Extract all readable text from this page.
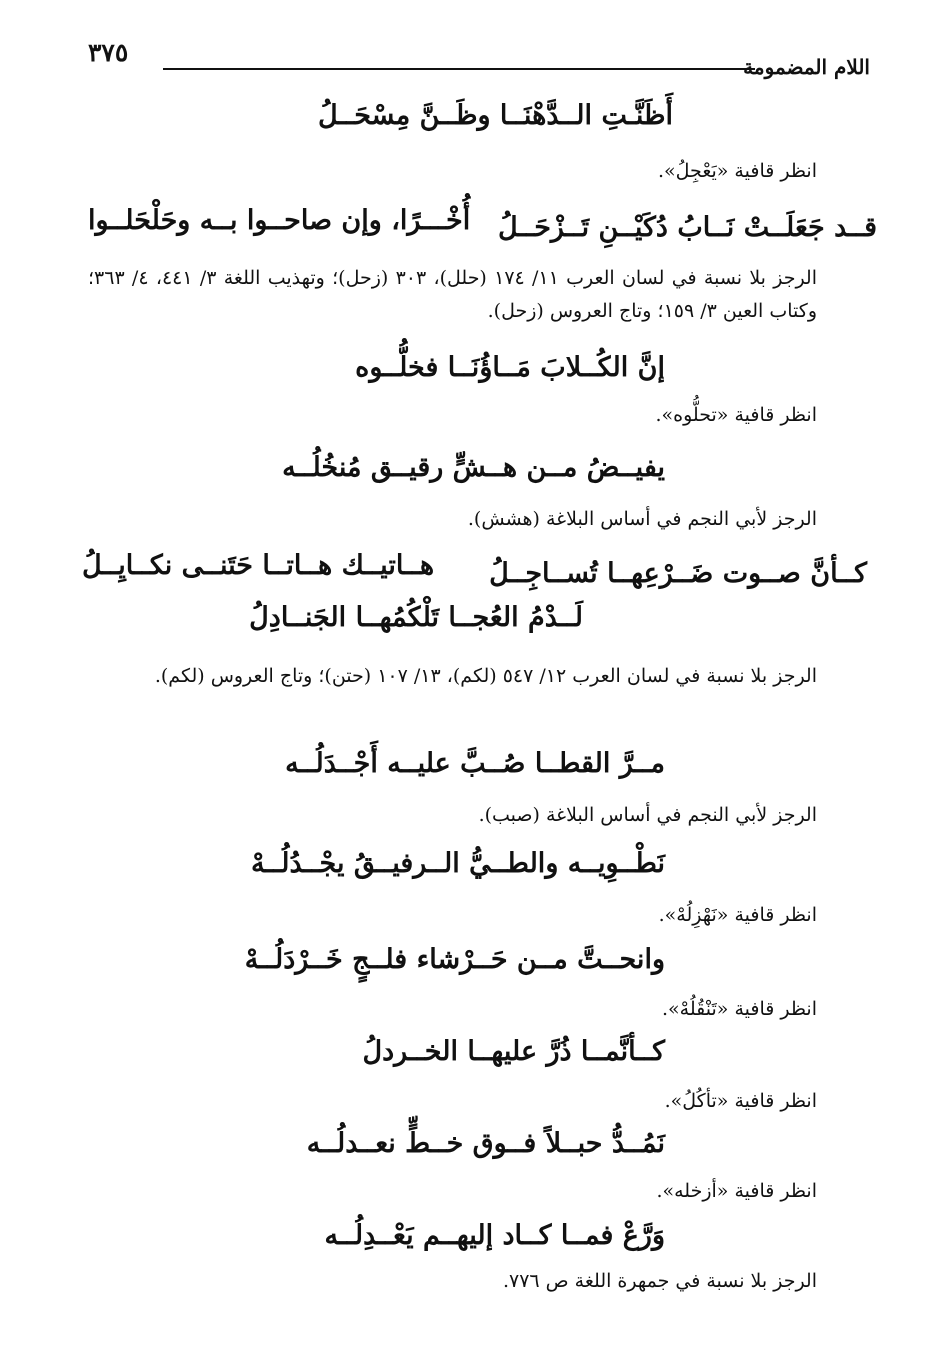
٣٧٥	اللام المضمومة
أَظَنَّـتِ الــدَّهْنَــا وظَــنَّ مِسْحَــلُ
انظر قافية «يَعْجِلُ».
قــد جَعَلَــتْ نَــابُ دُكَيْــنِ تَــزْحَــلُ
أُخْـــرًا، وإن صاحــوا بــه وحَلْحَلــوا
الرجز بلا نسبة في لسان العرب ١١/ ١٧٤ (حلل)، ٣٠٣ (زحل)؛ وتهذيب اللغة ٣/ ٤٤١، ٤/ ٣٦٣؛ وكتاب العين ٣/ ١٥٩؛ وتاج العروس (زحل).
إنَّ الكُــلابَ مَــاؤُنَــا فخلُّــوه
انظر قافية «تحلُّوه».
يفيــضُ مــن هــشٍّ رقيــق مُنخُلُــه
الرجز لأبي النجم في أساس البلاغة (هشش).
كــأنَّ صــوت ضَــرْعِهــا تُســاجِــلُ
هــاتيــك هــاتــا حَتَنــى نكــايِــلُ
لَــدْمُ العُجــا تَلْكُمُهــا الجَنــادِلُ
الرجز بلا نسبة في لسان العرب ١٢/ ٥٤٧ (لكم)، ١٣/ ١٠٧ (حتن)؛ وتاج العروس (لكم).
مــرَّ القطــا صُــبَّ عليــه أَجْــدَلُــه
الرجز لأبي النجم في أساس البلاغة (صبب).
نَطْــوِيــه والطــيُّ الــرفيــقُ يجْــدُلُــهْ
انظر قافية «نَهْزِلُهْ».
وانحــتَّ مــن حَــرْشاء فلــجٍ خَــرْدَلُــهْ
انظر قافية «تَنْقُلُهْ».
كــأنَّمــا ذُرَّ عليهــا الخــردلُ
انظر قافية «تأكُلُ».
نَمُــدُّ حبــلاً فــوق خــطٍّ نعــدلُــه
انظر قافية «أزخله».
وَرَّعْ فمــا كــاد إليهــم يَعْــدِلُــه
الرجز بلا نسبة في جمهرة اللغة ص ٧٧٦.
